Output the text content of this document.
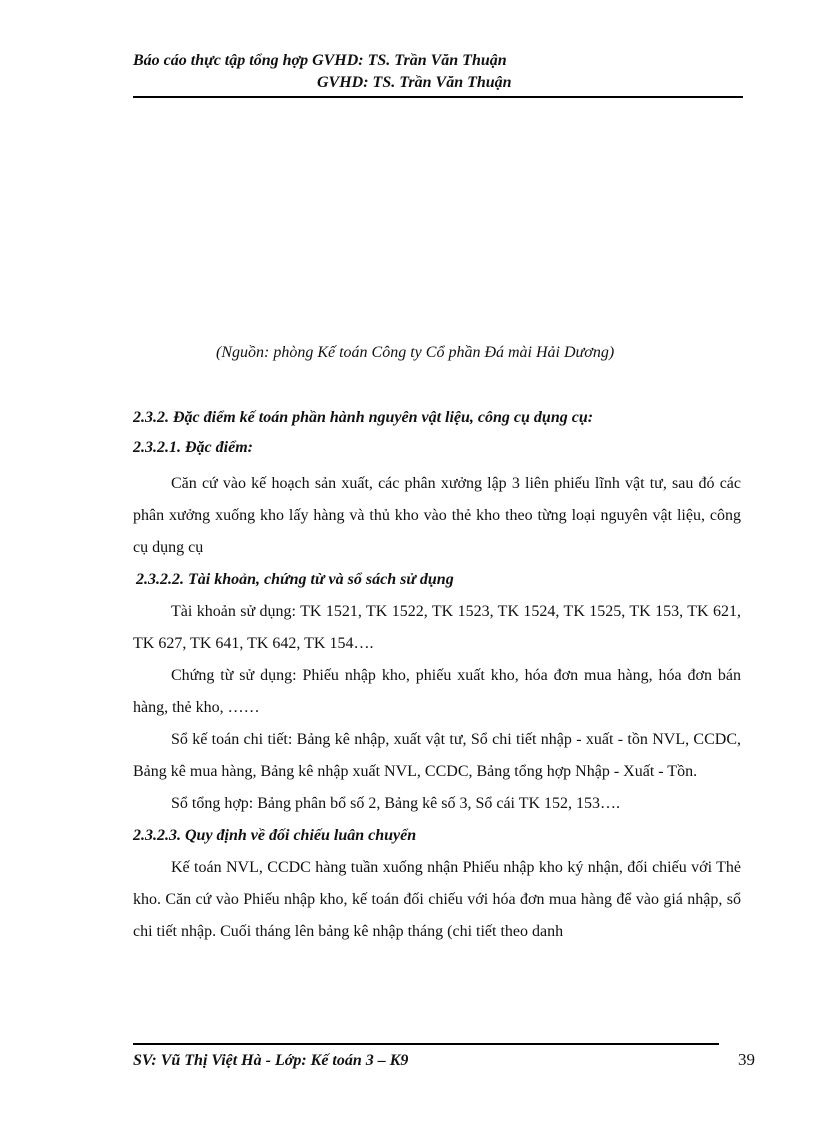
Báo cáo thực tập tổng hợp GVHD: TS. Trần Văn Thuận
GVHD: TS. Trần Văn Thuận
(Nguồn: phòng Kế toán Công ty Cổ phần Đá mài Hải Dương)

2.3.2. Đặc điểm kế toán phần hành nguyên vật liệu, công cụ dụng cụ:

2.3.2.1. Đặc điểm:

Căn cứ vào kế hoạch sản xuất, các phân xưởng lập 3 liên phiếu lĩnh vật tư, sau đó các phân xưởng xuống kho lấy hàng và thủ kho vào thẻ kho theo từng loại nguyên vật liệu, công cụ dụng cụ

2.3.2.2. Tài khoản, chứng từ và sổ sách sử dụng

Tài khoản sử dụng: TK 1521, TK 1522, TK 1523, TK 1524, TK 1525, TK 153, TK 621, TK 627, TK 641, TK 642, TK 154….

Chứng từ sử dụng: Phiếu nhập kho, phiếu xuất kho, hóa đơn mua hàng, hóa đơn bán hàng, thẻ kho, ……

Sổ kế toán chi tiết: Bảng kê nhập, xuất vật tư, Sổ chi tiết nhập - xuất - tồn NVL, CCDC, Bảng kê mua hàng, Bảng kê nhập xuất NVL, CCDC, Bảng tổng hợp Nhập - Xuất - Tồn.

Sổ tổng hợp: Bảng phân bổ số 2, Bảng kê số 3, Sổ cái TK 152, 153….

2.3.2.3. Quy định về đối chiếu luân chuyển

Kế toán NVL, CCDC hàng tuần xuống nhận Phiếu nhập kho ký nhận, đối chiếu với Thẻ kho. Căn cứ vào Phiếu nhập kho, kế toán đối chiếu với hóa đơn mua hàng để vào giá nhập, sổ chi tiết nhập. Cuối tháng lên bảng kê nhập tháng (chi tiết theo danh

SV: Vũ Thị Việt Hà - Lớp: Kế toán 3 – K9	39
